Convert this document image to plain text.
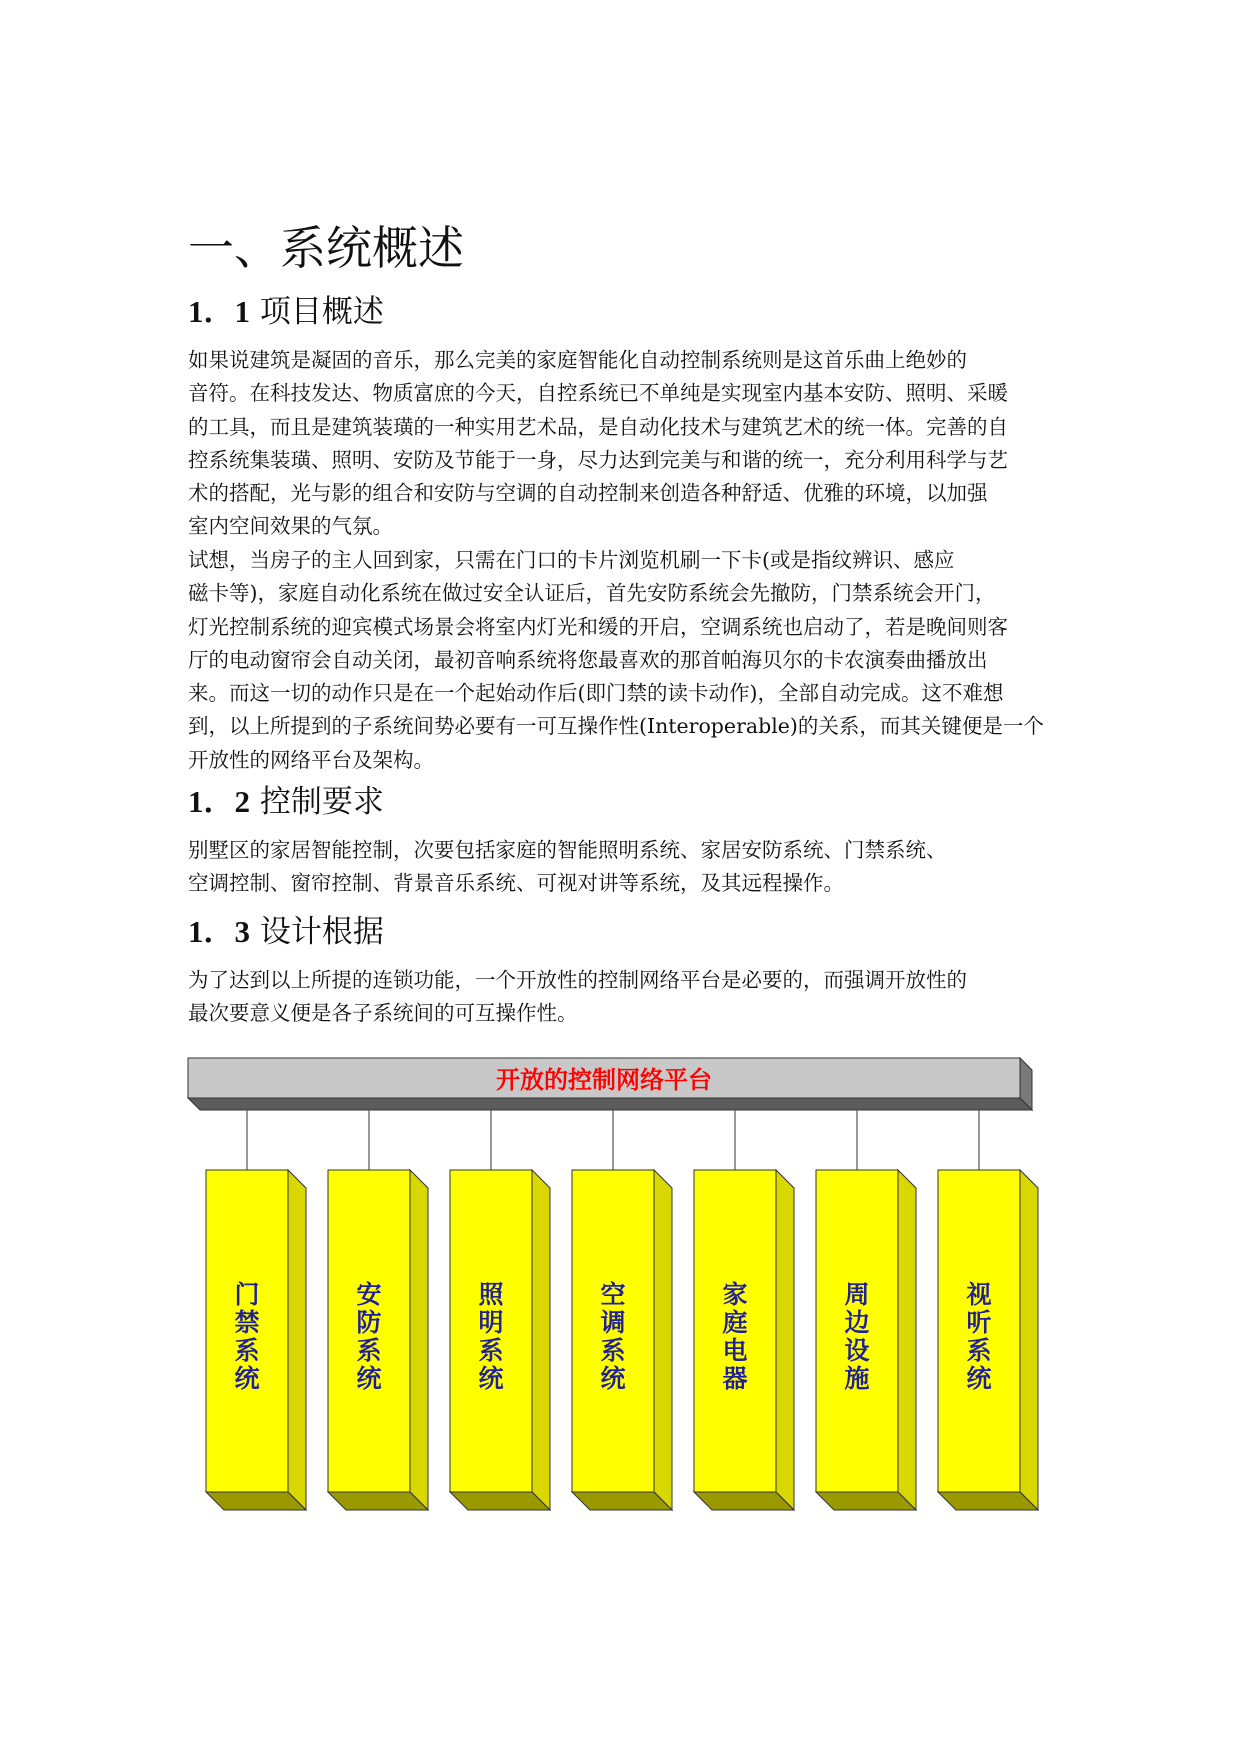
一、系统概述
1．1 项目概述
如果说建筑是凝固的音乐，那么完美的家庭智能化自动控制系统则是这首乐曲上绝妙的
音符。在科技发达、物质富庶的今天，自控系统已不单纯是实现室内基本安防、照明、采暖
的工具，而且是建筑装璜的一种实用艺术品，是自动化技术与建筑艺术的统一体。完善的自
控系统集装璜、照明、安防及节能于一身，尽力达到完美与和谐的统一，充分利用科学与艺
术的搭配，光与影的组合和安防与空调的自动控制来创造各种舒适、优雅的环境，以加强
室内空间效果的气氛。
试想，当房子的主人回到家，只需在门口的卡片浏览机刷一下卡(或是指纹辨识、感应
磁卡等)，家庭自动化系统在做过安全认证后，首先安防系统会先撤防，门禁系统会开门，
灯光控制系统的迎宾模式场景会将室内灯光和缓的开启，空调系统也启动了，若是晚间则客
厅的电动窗帘会自动关闭，最初音响系统将您最喜欢的那首帕海贝尔的卡农演奏曲播放出
来。而这一切的动作只是在一个起始动作后(即门禁的读卡动作)，全部自动完成。这不难想
到，以上所提到的子系统间势必要有一可互操作性(Interoperable)的关系，而其关键便是一个
开放性的网络平台及架构。
1．2 控制要求
别墅区的家居智能控制，次要包括家庭的智能照明系统、家居安防系统、门禁系统、
空调控制、窗帘控制、背景音乐系统、可视对讲等系统，及其远程操作。
1．3 设计根据
为了达到以上所提的连锁功能，一个开放性的控制网络平台是必要的，而强调开放性的
最次要意义便是各子系统间的可互操作性。
开放的控制网络平台
门禁系统
安防系统
照明系统
空调系统
家庭电器
周边设施
视听系统
